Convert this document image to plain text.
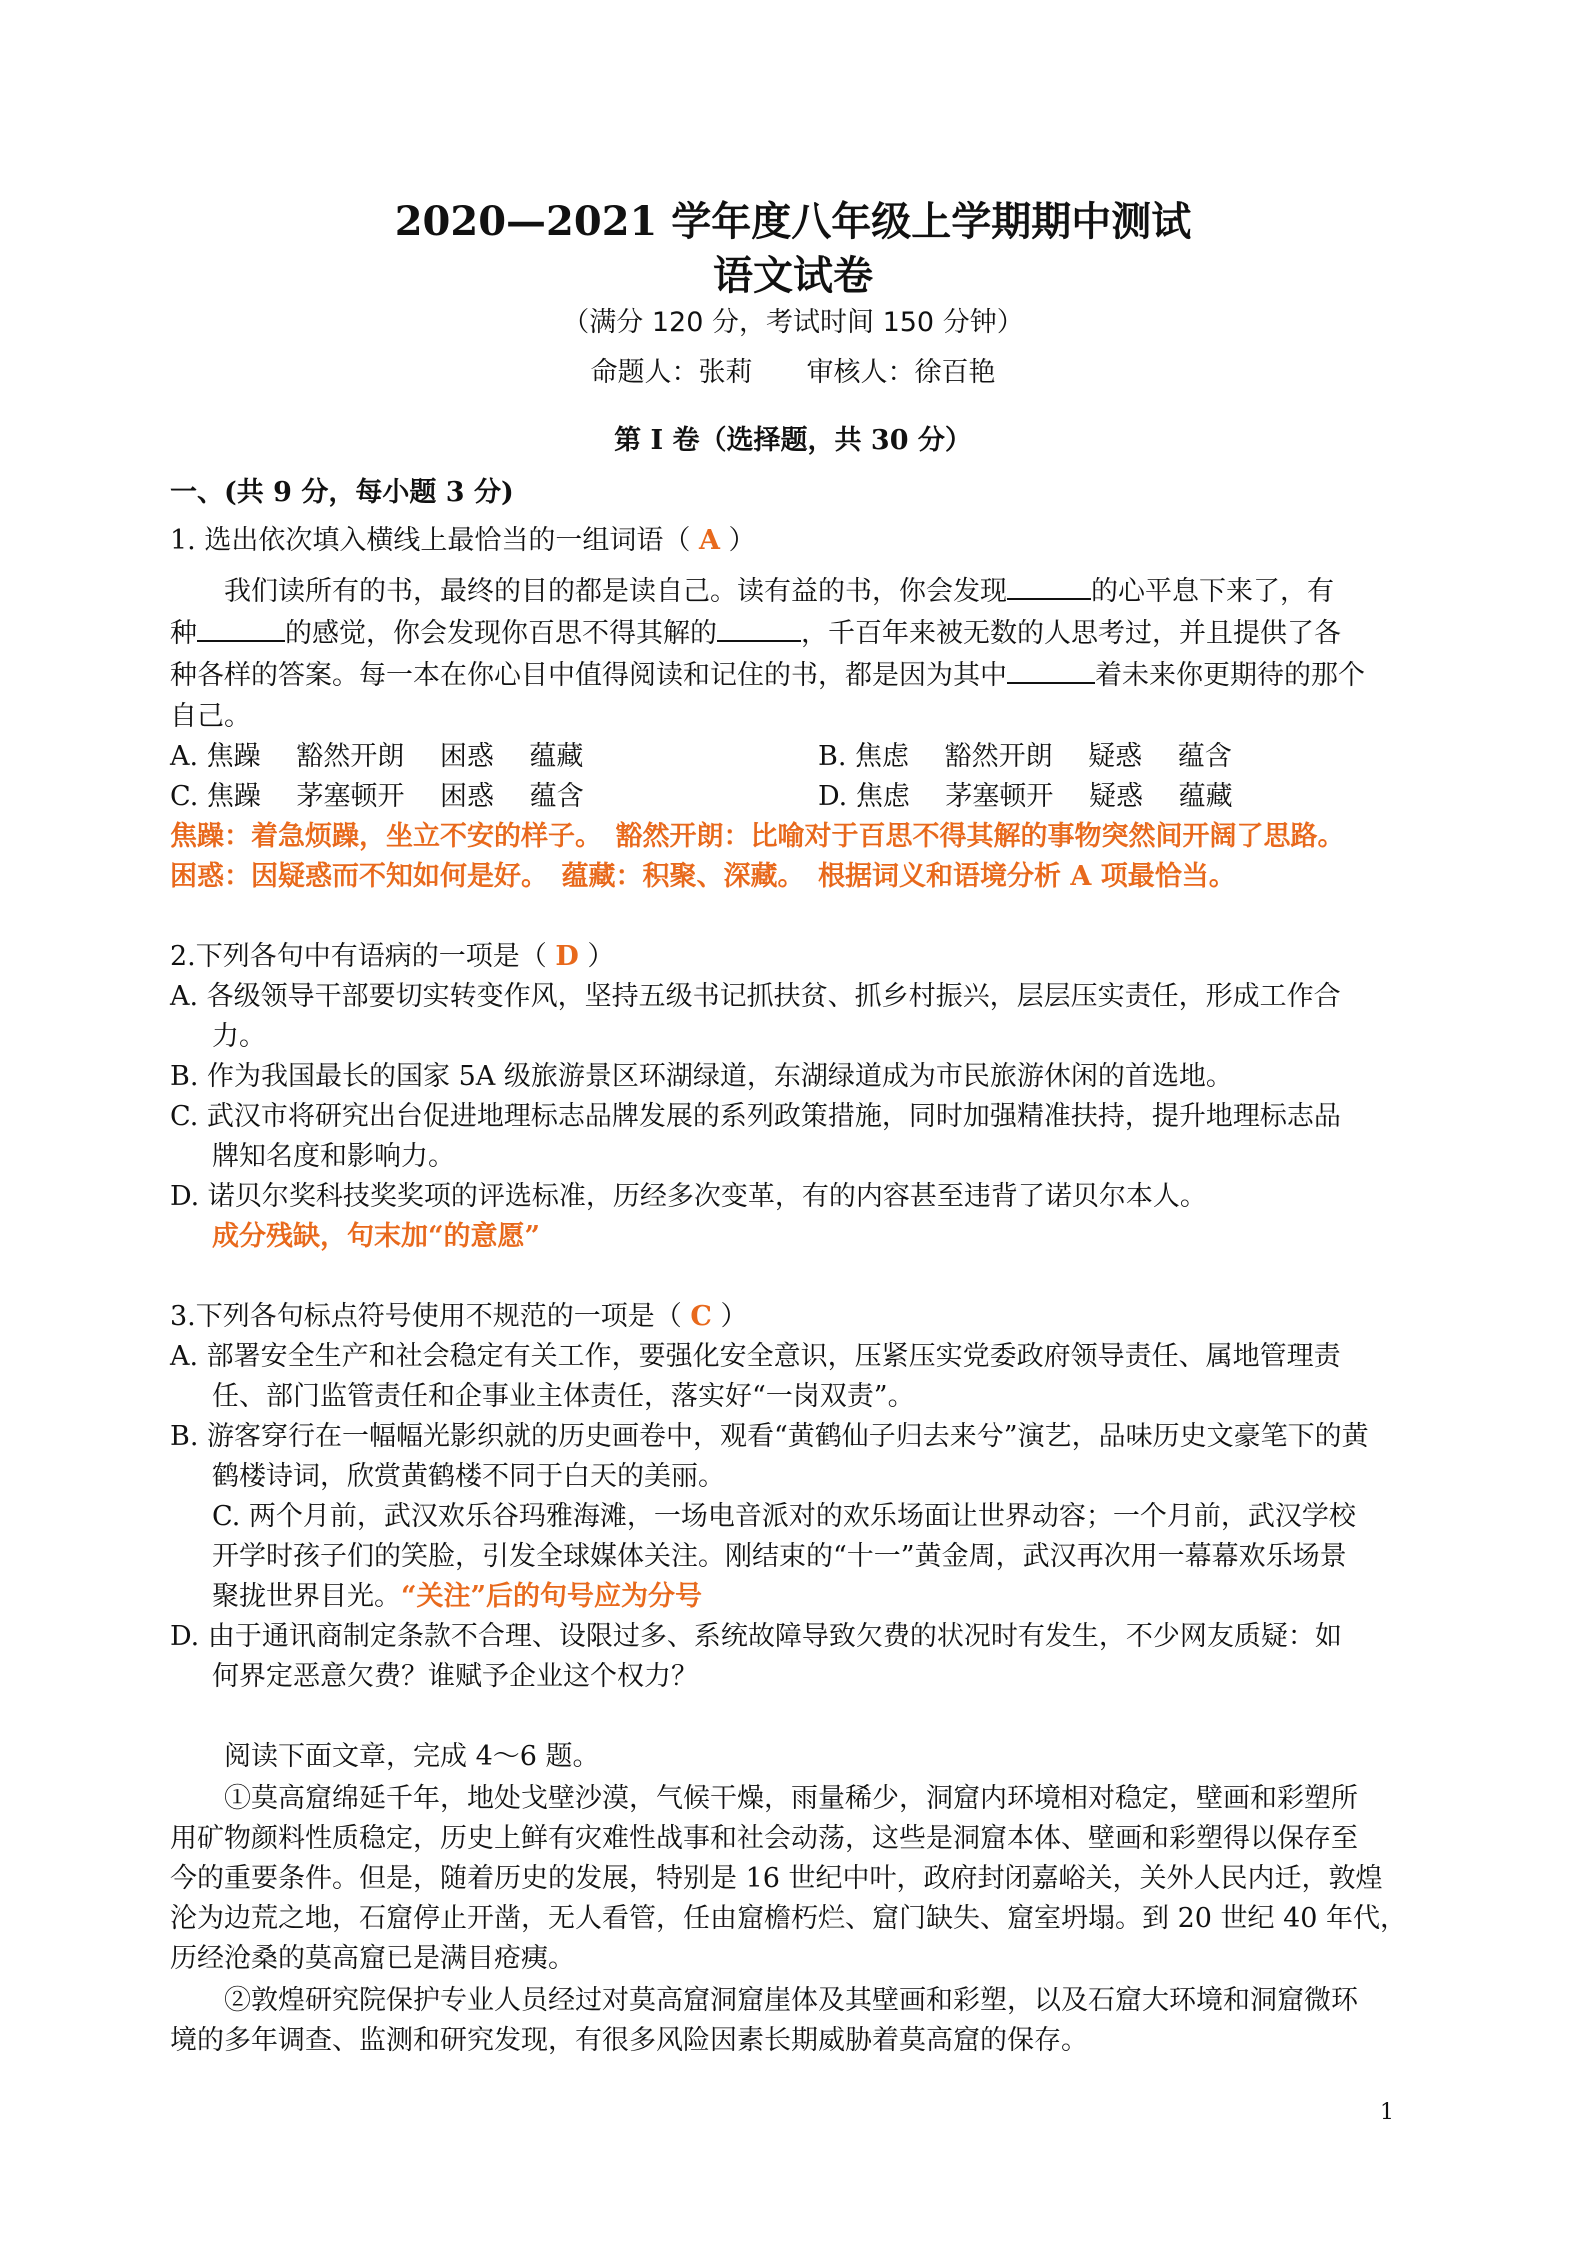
2020—2021 学年度八年级上学期期中测试
语文试卷
（满分 120 分，考试时间 150 分钟）
命题人：张莉　　审核人：徐百艳
第 I 卷（选择题，共 30 分）
一、(共 9 分，每小题 3 分)
1. 选出依次填入横线上最恰当的一组词语（ A ）
我们读所有的书，最终的目的都是读自己。读有益的书，你会发现	的心平息下来了，有
种	的感觉，你会发现你百思不得其解的	，千百年来被无数的人思考过，并且提供了各
种各样的答案。每一本在你心目中值得阅读和记住的书，都是因为其中	着未来你更期待的那个
自己。
A. 焦躁　 豁然开朗　 困惑　 蕴藏	B. 焦虑　 豁然开朗　 疑惑　 蕴含
C. 焦躁　 茅塞顿开　 困惑　 蕴含	D. 焦虑　 茅塞顿开　 疑惑　 蕴藏
焦躁：着急烦躁，坐立不安的样子。　豁然开朗：比喻对于百思不得其解的事物突然间开阔了思路。
困惑：因疑惑而不知如何是好。　蕴藏：积聚、深藏。　根据词义和语境分析 A 项最恰当。
2.下列各句中有语病的一项是（ D ）
A. 各级领导干部要切实转变作风，坚持五级书记抓扶贫、抓乡村振兴，层层压实责任，形成工作合
力。
B. 作为我国最长的国家 5A 级旅游景区环湖绿道，东湖绿道成为市民旅游休闲的首选地。
C. 武汉市将研究出台促进地理标志品牌发展的系列政策措施，同时加强精准扶持，提升地理标志品
牌知名度和影响力。
D. 诺贝尔奖科技奖奖项的评选标准，历经多次变革，有的内容甚至违背了诺贝尔本人。
成分残缺，句末加“的意愿”
3.下列各句标点符号使用不规范的一项是（ C ）
A. 部署安全生产和社会稳定有关工作，要强化安全意识，压紧压实党委政府领导责任、属地管理责
任、部门监管责任和企事业主体责任，落实好“一岗双责”。
B. 游客穿行在一幅幅光影织就的历史画卷中，观看“黄鹤仙子归去来兮”演艺，品味历史文豪笔下的黄
鹤楼诗词，欣赏黄鹤楼不同于白天的美丽。
C. 两个月前，武汉欢乐谷玛雅海滩，一场电音派对的欢乐场面让世界动容；一个月前，武汉学校
开学时孩子们的笑脸，引发全球媒体关注。刚结束的“十一”黄金周，武汉再次用一幕幕欢乐场景
聚拢世界目光。“关注”后的句号应为分号
D. 由于通讯商制定条款不合理、设限过多、系统故障导致欠费的状况时有发生，不少网友质疑：如
何界定恶意欠费？谁赋予企业这个权力？
阅读下面文章，完成 4～6 题。
①莫高窟绵延千年，地处戈壁沙漠，气候干燥，雨量稀少，洞窟内环境相对稳定，壁画和彩塑所
用矿物颜料性质稳定，历史上鲜有灾难性战事和社会动荡，这些是洞窟本体、壁画和彩塑得以保存至
今的重要条件。但是，随着历史的发展，特别是 16 世纪中叶，政府封闭嘉峪关，关外人民内迁，敦煌
沦为边荒之地，石窟停止开凿，无人看管，任由窟檐朽烂、窟门缺失、窟室坍塌。到 20 世纪 40 年代，
历经沧桑的莫高窟已是满目疮痍。
②敦煌研究院保护专业人员经过对莫高窟洞窟崖体及其壁画和彩塑，以及石窟大环境和洞窟微环
境的多年调查、监测和研究发现，有很多风险因素长期威胁着莫高窟的保存。
1
